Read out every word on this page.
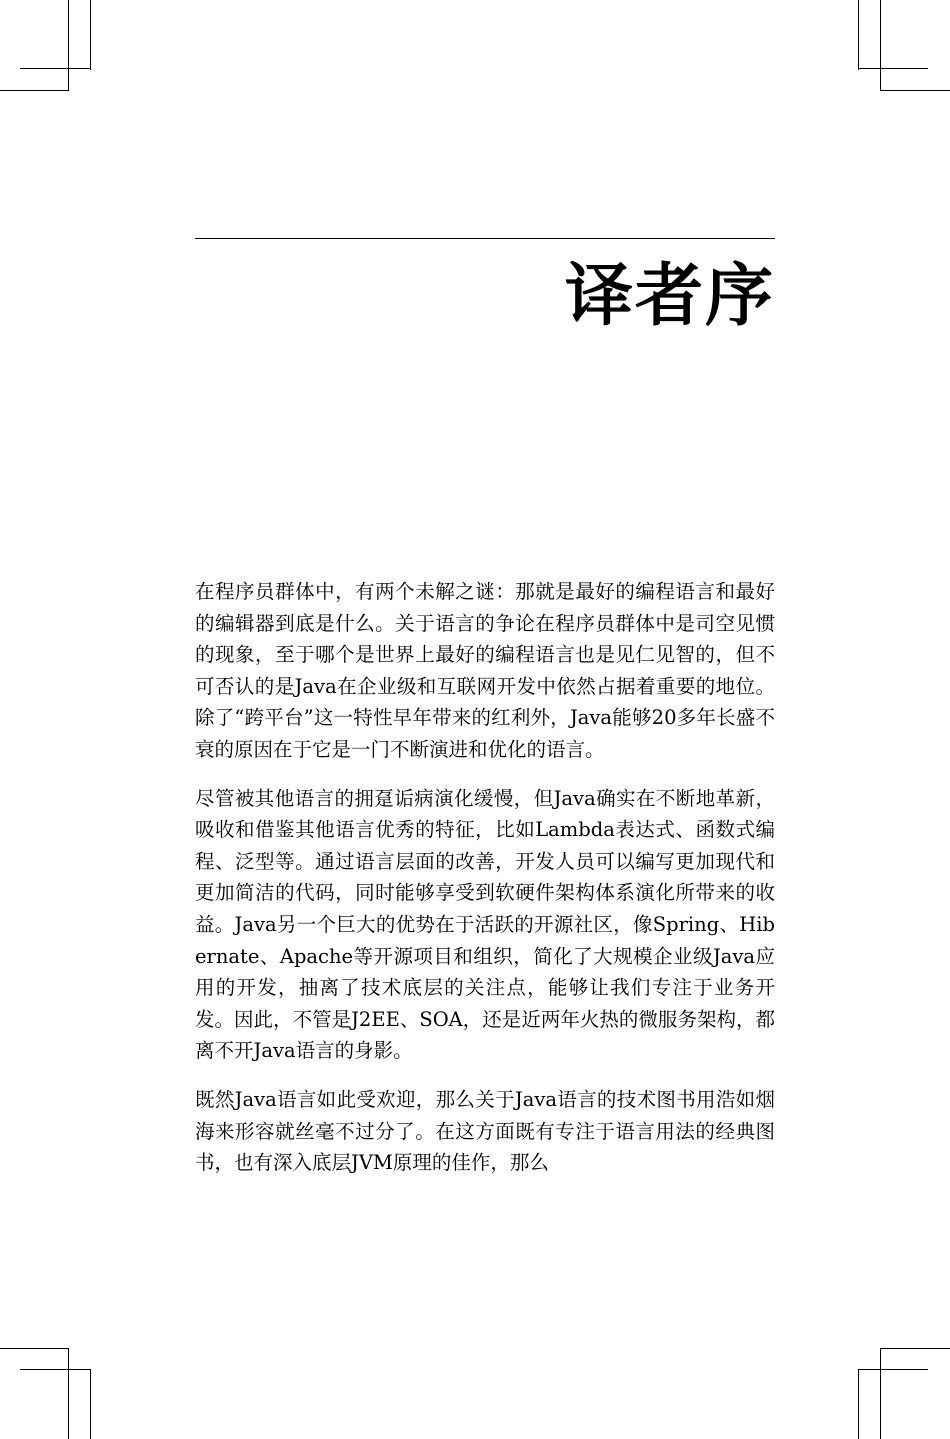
译者序

在程序员群体中，有两个未解之谜：那就是最好的编程语言和最好的编辑器到底是什么。关于语言的争论在程序员群体中是司空见惯的现象，至于哪个是世界上最好的编程语言也是见仁见智的，但不可否认的是Java在企业级和互联网开发中依然占据着重要的地位。除了“跨平台”这一特性早年带来的红利外，Java能够20多年长盛不衰的原因在于它是一门不断演进和优化的语言。

尽管被其他语言的拥趸诟病演化缓慢，但Java确实在不断地革新，吸收和借鉴其他语言优秀的特征，比如Lambda表达式、函数式编程、泛型等。通过语言层面的改善，开发人员可以编写更加现代和更加简洁的代码，同时能够享受到软硬件架构体系演化所带来的收益。Java另一个巨大的优势在于活跃的开源社区，像Spring、Hibernate、Apache等开源项目和组织，简化了大规模企业级Java应用的开发，抽离了技术底层的关注点，能够让我们专注于业务开发。因此，不管是J2EE、SOA，还是近两年火热的微服务架构，都离不开Java语言的身影。

既然Java语言如此受欢迎，那么关于Java语言的技术图书用浩如烟海来形容就丝毫不过分了。在这方面既有专注于语言用法的经典图书，也有深入底层JVM原理的佳作，那么
